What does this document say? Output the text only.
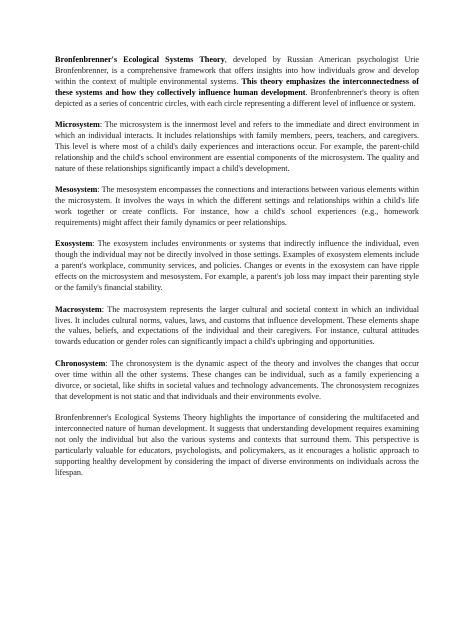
Bronfenbrenner's Ecological Systems Theory, developed by Russian American psychologist Urie Bronfenbrenner, is a comprehensive framework that offers insights into how individuals grow and develop within the context of multiple environmental systems. This theory emphasizes the interconnectedness of these systems and how they collectively influence human development. Bronfenbrenner's theory is often depicted as a series of concentric circles, with each circle representing a different level of influence or system.

Microsystem: The microsystem is the innermost level and refers to the immediate and direct environment in which an individual interacts. It includes relationships with family members, peers, teachers, and caregivers. This level is where most of a child's daily experiences and interactions occur. For example, the parent-child relationship and the child's school environment are essential components of the microsystem. The quality and nature of these relationships significantly impact a child's development.

Mesosystem: The mesosystem encompasses the connections and interactions between various elements within the microsystem. It involves the ways in which the different settings and relationships within a child's life work together or create conflicts. For instance, how a child's school experiences (e.g., homework requirements) might affect their family dynamics or peer relationships.

Exosystem: The exosystem includes environments or systems that indirectly influence the individual, even though the individual may not be directly involved in those settings. Examples of exosystem elements include a parent's workplace, community services, and policies. Changes or events in the exosystem can have ripple effects on the microsystem and mesosystem. For example, a parent's job loss may impact their parenting style or the family's financial stability.

Macrosystem: The macrosystem represents the larger cultural and societal context in which an individual lives. It includes cultural norms, values, laws, and customs that influence development. These elements shape the values, beliefs, and expectations of the individual and their caregivers. For instance, cultural attitudes towards education or gender roles can significantly impact a child's upbringing and opportunities.

Chronosystem: The chronosystem is the dynamic aspect of the theory and involves the changes that occur over time within all the other systems. These changes can be individual, such as a family experiencing a divorce, or societal, like shifts in societal values and technology advancements. The chronosystem recognizes that development is not static and that individuals and their environments evolve.

Bronfenbrenner's Ecological Systems Theory highlights the importance of considering the multifaceted and interconnected nature of human development. It suggests that understanding development requires examining not only the individual but also the various systems and contexts that surround them. This perspective is particularly valuable for educators, psychologists, and policymakers, as it encourages a holistic approach to supporting healthy development by considering the impact of diverse environments on individuals across the lifespan.
